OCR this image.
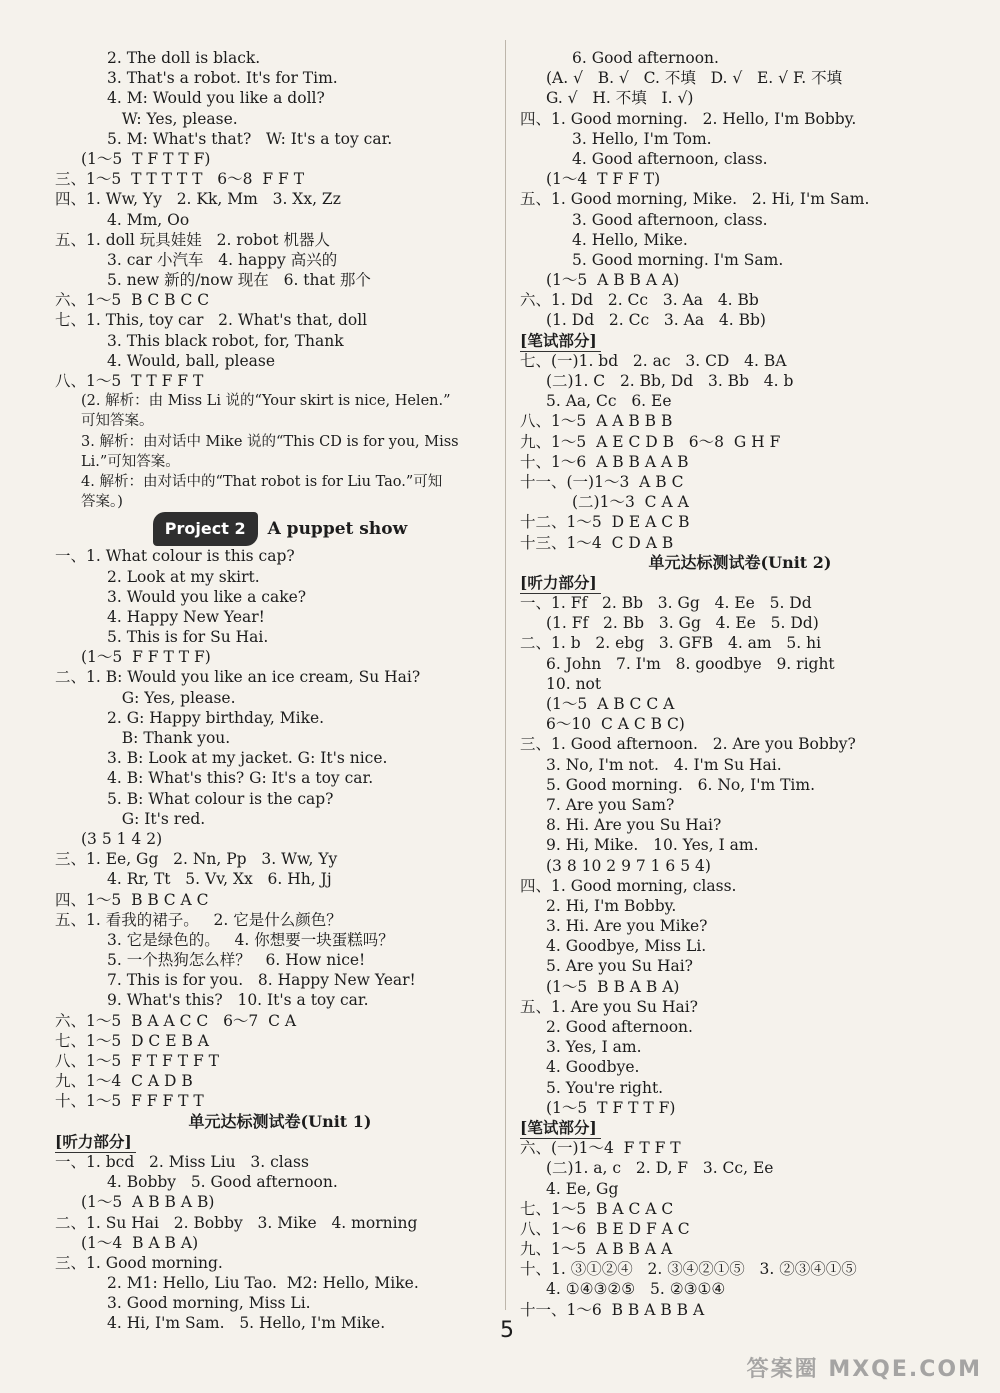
2. The doll is black.
3. That's a robot. It's for Tim.
4. M: Would you like a doll?
W: Yes, please.
5. M: What's that?   W: It's a toy car.
(1～5  T F T T F)
三、1～5  T T T T T   6～8  F F T
四、1. Ww, Yy   2. Kk, Mm   3. Xx, Zz
4. Mm, Oo
五、1. doll 玩具娃娃   2. robot 机器人
3. car 小汽车   4. happy 高兴的
5. new 新的/now 现在   6. that 那个
六、1～5  B C B C C
七、1. This, toy car   2. What's that, doll
3. This black robot, for, Thank
4. Would, ball, please
八、1～5  T T F F T
(2. 解析：由 Miss Li 说的“Your skirt is nice, Helen.”
可知答案。
3. 解析：由对话中 Mike 说的“This CD is for you, Miss
Li.”可知答案。
4. 解析：由对话中的“That robot is for Liu Tao.”可知
答案。)
Project 2	A puppet show
一、1. What colour is this cap?
2. Look at my skirt.
3. Would you like a cake?
4. Happy New Year!
5. This is for Su Hai.
(1～5  F F T T F)
二、1. B: Would you like an ice cream, Su Hai?
G: Yes, please.
2. G: Happy birthday, Mike.
B: Thank you.
3. B: Look at my jacket. G: It's nice.
4. B: What's this? G: It's a toy car.
5. B: What colour is the cap?
G: It's red.
(3 5 1 4 2)
三、1. Ee, Gg   2. Nn, Pp   3. Ww, Yy
4. Rr, Tt   5. Vv, Xx   6. Hh, Jj
四、1～5  B B C A C
五、1. 看我的裙子。   2. 它是什么颜色？
3. 它是绿色的。   4. 你想要一块蛋糕吗？
5. 一个热狗怎么样？   6. How nice!
7. This is for you.   8. Happy New Year!
9. What's this?   10. It's a toy car.
六、1～5  B A A C C   6～7  C A
七、1～5  D C E B A
八、1～5  F T F T F T
九、1～4  C A D B
十、1～5  F F F T T
单元达标测试卷(Unit 1)
[听力部分]
一、1. bcd   2. Miss Liu   3. class
4. Bobby   5. Good afternoon.
(1～5  A B B A B)
二、1. Su Hai   2. Bobby   3. Mike   4. morning
(1～4  B A B A)
三、1. Good morning.
2. M1: Hello, Liu Tao.  M2: Hello, Mike.
3. Good morning, Miss Li.
4. Hi, I'm Sam.   5. Hello, I'm Mike.
6. Good afternoon.
(A. √   B. √   C. 不填   D. √   E. √ F. 不填
G. √   H. 不填   I. √)
四、1. Good morning.   2. Hello, I'm Bobby.
3. Hello, I'm Tom.
4. Good afternoon, class.
(1～4  T F F T)
五、1. Good morning, Mike.   2. Hi, I'm Sam.
3. Good afternoon, class.
4. Hello, Mike.
5. Good morning. I'm Sam.
(1～5  A B B A A)
六、1. Dd   2. Cc   3. Aa   4. Bb
(1. Dd   2. Cc   3. Aa   4. Bb)
[笔试部分]
七、(一)1. bd   2. ac   3. CD   4. BA
(二)1. C   2. Bb, Dd   3. Bb   4. b
5. Aa, Cc   6. Ee
八、1～5  A A B B B
九、1～5  A E C D B   6～8  G H F
十、1～6  A B B A A B
十一、(一)1～3  A B C
(二)1～3  C A A
十二、1～5  D E A C B
十三、1～4  C D A B
单元达标测试卷(Unit 2)
[听力部分]
一、1. Ff   2. Bb   3. Gg   4. Ee   5. Dd
(1. Ff   2. Bb   3. Gg   4. Ee   5. Dd)
二、1. b   2. ebg   3. GFB   4. am   5. hi
6. John   7. I'm   8. goodbye   9. right
10. not
(1～5  A B C C A
6～10  C A C B C)
三、1. Good afternoon.   2. Are you Bobby?
3. No, I'm not.   4. I'm Su Hai.
5. Good morning.   6. No, I'm Tim.
7. Are you Sam?
8. Hi. Are you Su Hai?
9. Hi, Mike.   10. Yes, I am.
(3 8 10 2 9 7 1 6 5 4)
四、1. Good morning, class.
2. Hi, I'm Bobby.
3. Hi. Are you Mike?
4. Goodbye, Miss Li.
5. Are you Su Hai?
(1～5  B B A B A)
五、1. Are you Su Hai?
2. Good afternoon.
3. Yes, I am.
4. Goodbye.
5. You're right.
(1～5  T F T T F)
[笔试部分]
六、(一)1～4  F T F T
(二)1. a, c   2. D, F   3. Cc, Ee
4. Ee, Gg
七、1～5  B A C A C
八、1～6  B E D F A C
九、1～5  A B B A A
十、1. ③①②④   2. ③④②①⑤   3. ②③④①⑤
4. ①④③②⑤   5. ②③①④
十一、1～6  B B A B B A
5
答案圈 MXQE.COM
